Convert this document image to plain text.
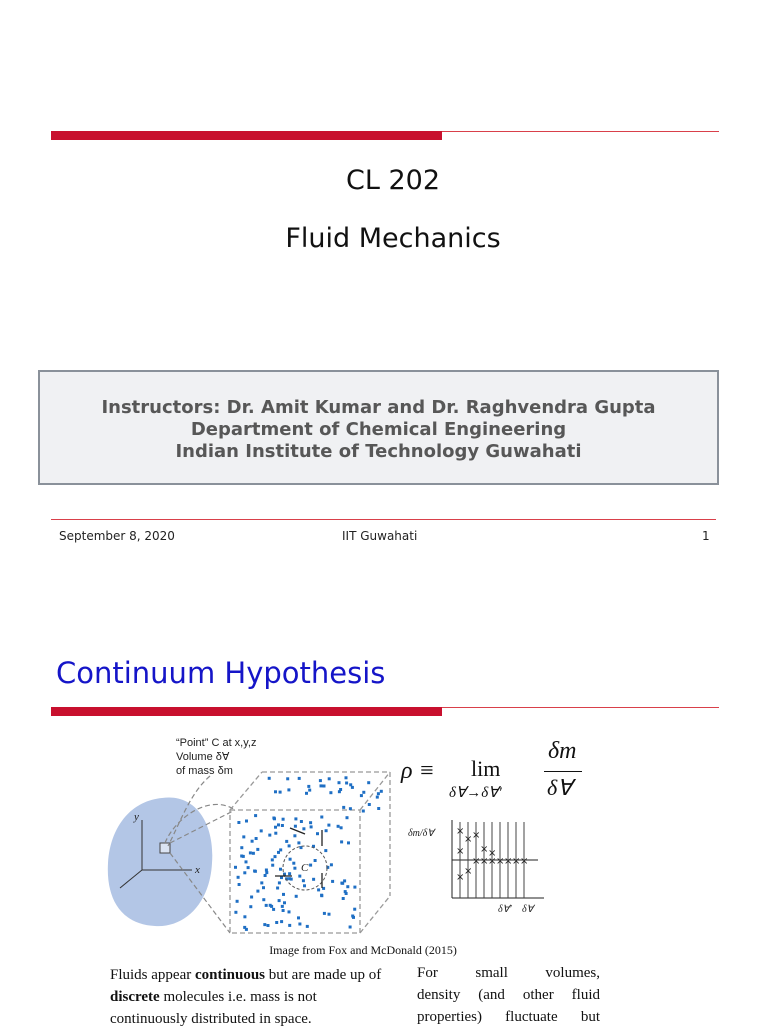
CL 202
Fluid Mechanics
Instructors: Dr. Amit Kumar and Dr. Raghvendra Gupta
Department of Chemical Engineering
Indian Institute of Technology Guwahati
September 8, 2020	IIT Guwahati	1
Continuum Hypothesis
y
x	C
“Point” C at x,y,z
Volume δ∀
of mass δm	ρ ≡ lim
δ∀→δ∀′
δm
δ∀
δm/δ∀ ×
×
×
×
×
×
×
×
×
×
× × × × ×
δ∀′ δ∀
Image from Fox and McDonald (2015)
Fluids appear continuous but are made up of discrete molecules i.e. mass is not continuously distributed in space.
For small volumes,
density (and other fluid
properties) fluctuate but
